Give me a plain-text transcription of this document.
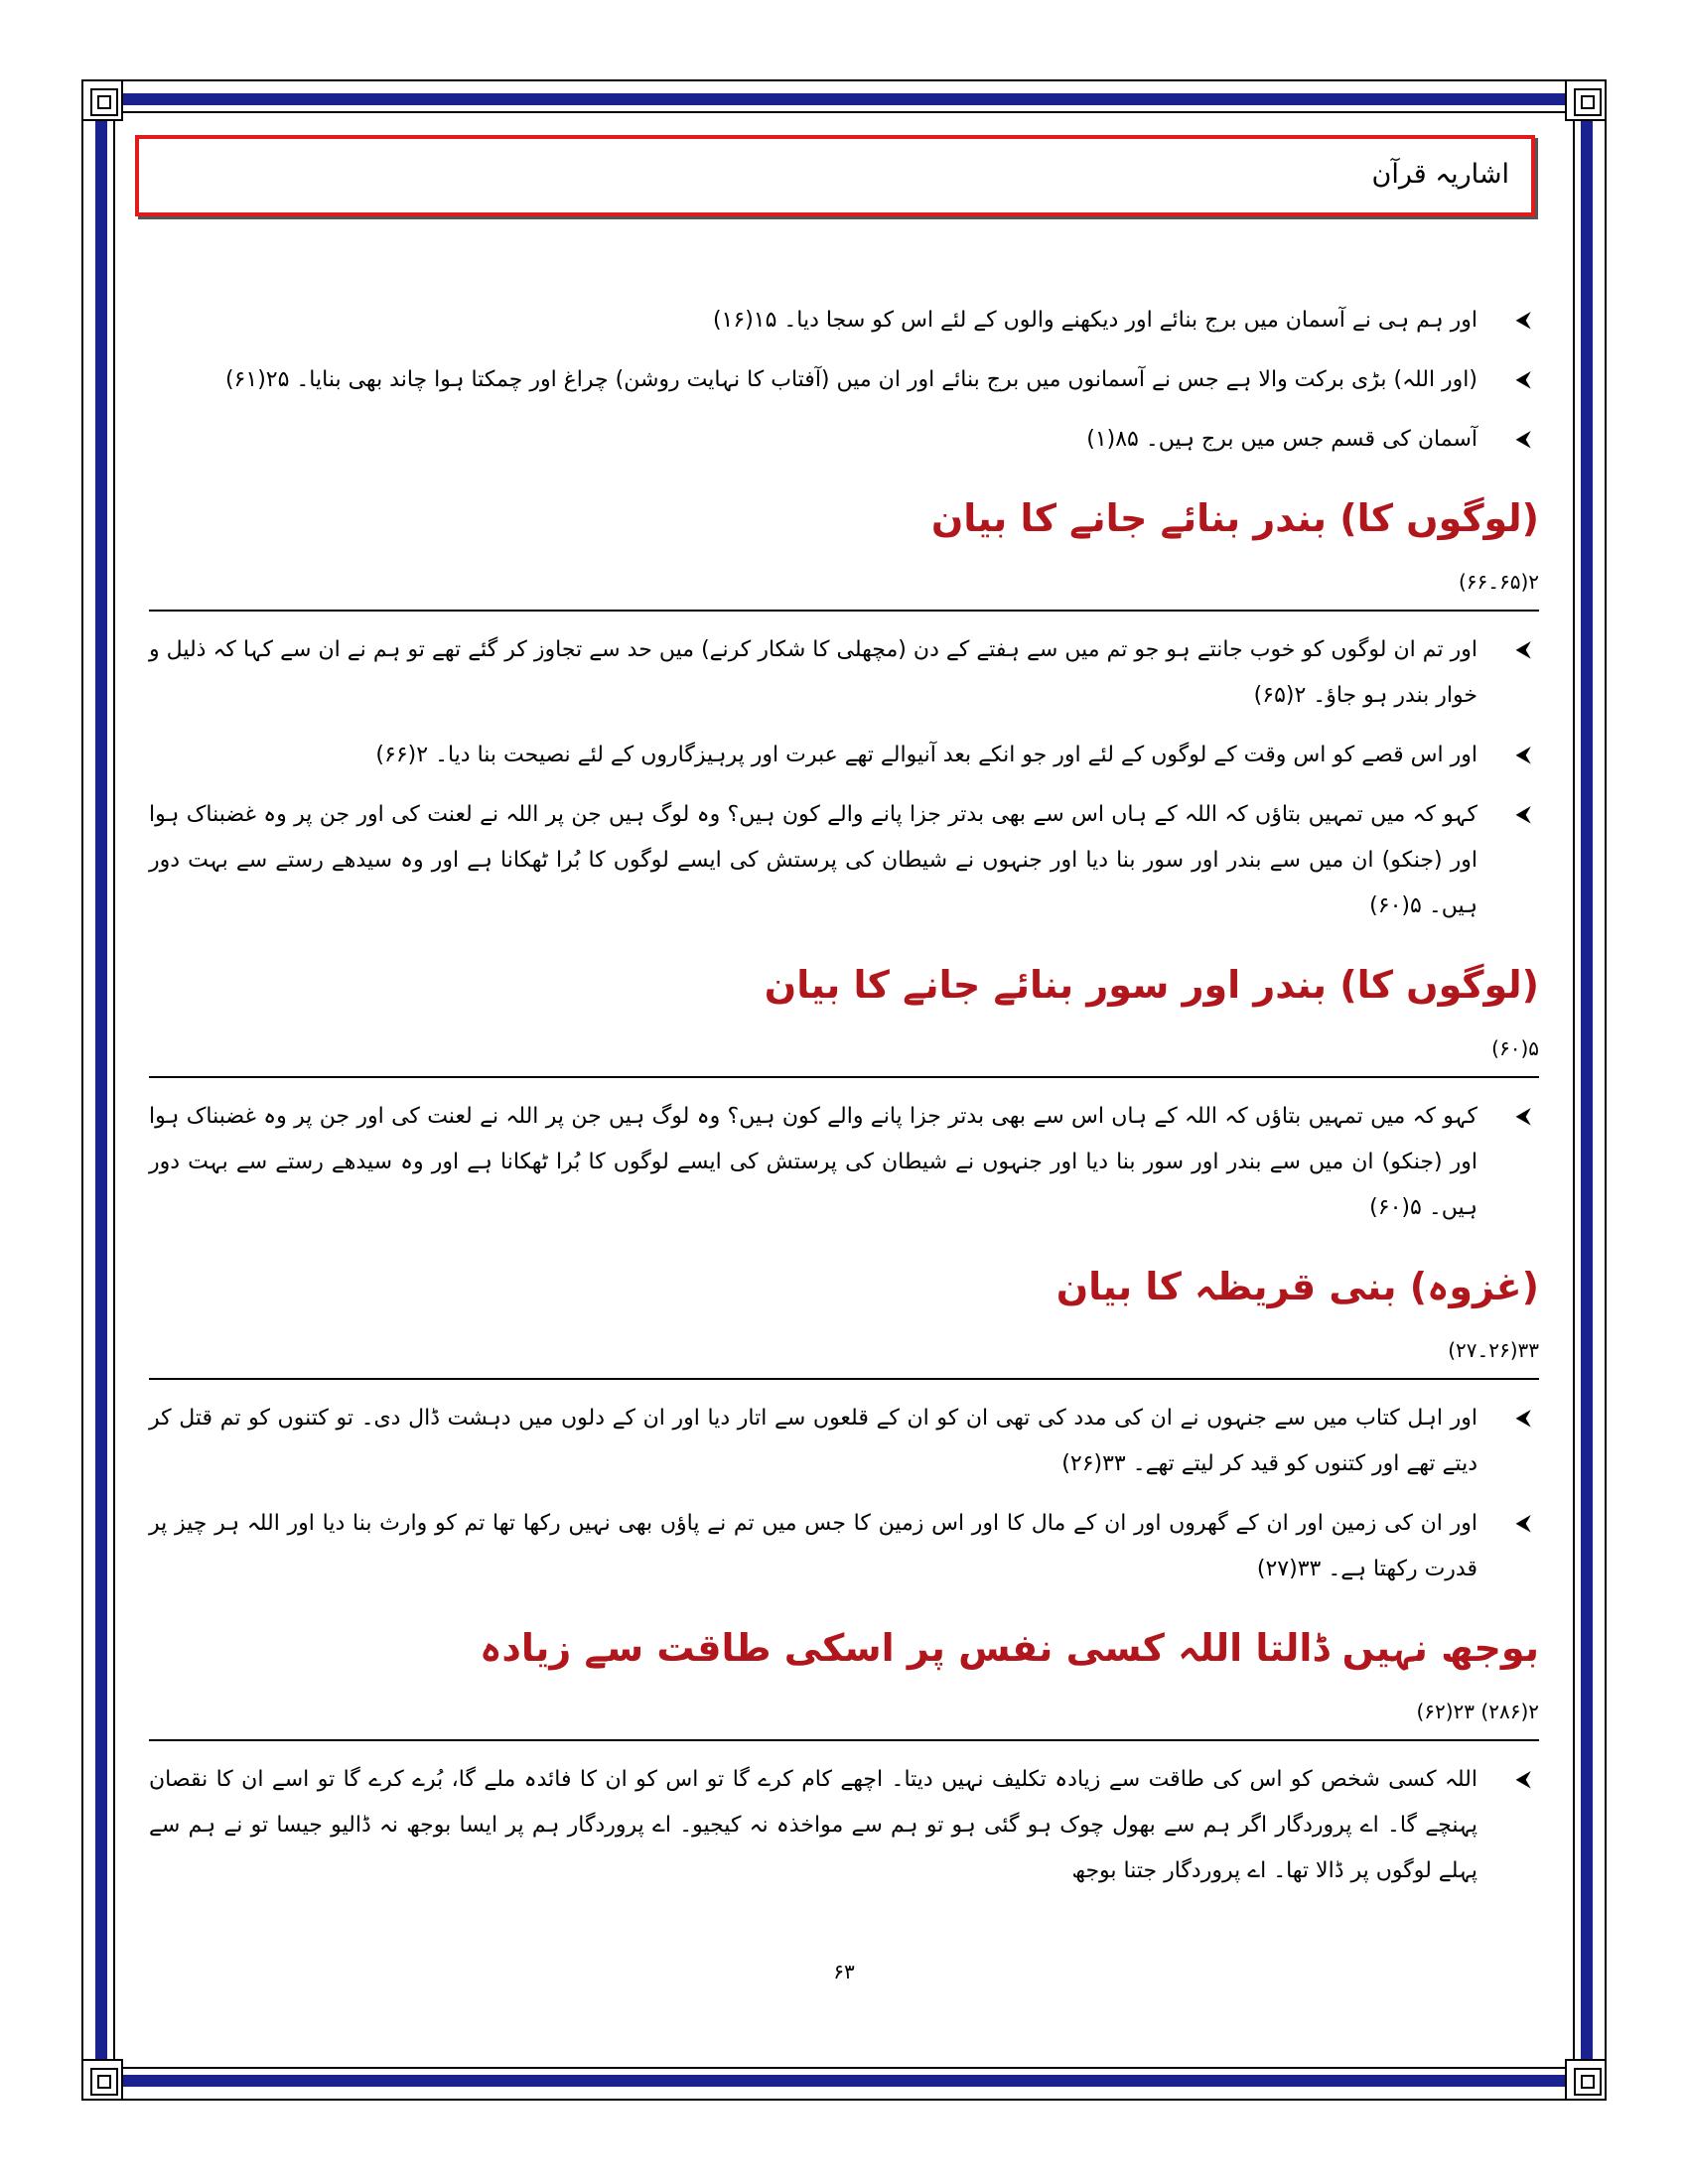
اشاریہ قرآن
⮜
اور ہم ہی نے آسمان میں برج بنائے اور دیکھنے والوں کے لئے اس کو سجا دیا۔ ۱۵(۱۶)
⮜
(اور اللہ) بڑی برکت والا ہے جس نے آسمانوں میں برج بنائے اور ان میں (آفتاب کا نہایت روشن) چراغ اور چمکتا ہوا چاند بھی بنایا۔ ۲۵(۶۱)
⮜
آسمان کی قسم جس میں برج ہیں۔ ۸۵(۱)
(لوگوں کا) بندر بنائے جانے کا بیان
۲(۶۵۔۶۶)
⮜
اور تم ان لوگوں کو خوب جانتے ہو جو تم میں سے ہفتے کے دن (مچھلی کا شکار کرنے) میں حد سے تجاوز کر گئے تھے تو ہم نے ان سے کہا کہ ذلیل و خوار بندر ہو جاؤ۔ ۲(۶۵)
⮜
اور اس قصے کو اس وقت کے لوگوں کے لئے اور جو انکے بعد آنیوالے تھے عبرت اور پرہیزگاروں کے لئے نصیحت بنا دیا۔ ۲(۶۶)
⮜
کہو کہ میں تمہیں بتاؤں کہ اللہ کے ہاں اس سے بھی بدتر جزا پانے والے کون ہیں؟ وہ لوگ ہیں جن پر اللہ نے لعنت کی اور جن پر وہ غضبناک ہوا اور (جنکو) ان میں سے بندر اور سور بنا دیا اور جنہوں نے شیطان کی پرستش کی ایسے لوگوں کا بُرا ٹھکانا ہے اور وہ سیدھے رستے سے بہت دور ہیں۔ ۵(۶۰)
(لوگوں کا) بندر اور سور بنائے جانے کا بیان
۵(۶۰)
⮜
کہو کہ میں تمہیں بتاؤں کہ اللہ کے ہاں اس سے بھی بدتر جزا پانے والے کون ہیں؟ وہ لوگ ہیں جن پر اللہ نے لعنت کی اور جن پر وہ غضبناک ہوا اور (جنکو) ان میں سے بندر اور سور بنا دیا اور جنہوں نے شیطان کی پرستش کی ایسے لوگوں کا بُرا ٹھکانا ہے اور وہ سیدھے رستے سے بہت دور ہیں۔ ۵(۶۰)
(غزوہ) بنی قریظہ کا بیان
۳۳(۲۶۔۲۷)
⮜
اور اہل کتاب میں سے جنہوں نے ان کی مدد کی تھی ان کو ان کے قلعوں سے اتار دیا اور ان کے دلوں میں دہشت ڈال دی۔ تو کتنوں کو تم قتل کر دیتے تھے اور کتنوں کو قید کر لیتے تھے۔ ۳۳(۲۶)
⮜
اور ان کی زمین اور ان کے گھروں اور ان کے مال کا اور اس زمین کا جس میں تم نے پاؤں بھی نہیں رکھا تھا تم کو وارث بنا دیا اور اللہ ہر چیز پر قدرت رکھتا ہے۔ ۳۳(۲۷)
بوجھ نہیں ڈالتا اللہ کسی نفس پر اسکی طاقت سے زیادہ
۲(۲۸۶) ۲۳(۶۲)
⮜
اللہ کسی شخص کو اس کی طاقت سے زیادہ تکلیف نہیں دیتا۔ اچھے کام کرے گا تو اس کو ان کا فائدہ ملے گا، بُرے کرے گا تو اسے ان کا نقصان پہنچے گا۔ اے پروردگار اگر ہم سے بھول چوک ہو گئی ہو تو ہم سے مواخذہ نہ کیجیو۔ اے پروردگار ہم پر ایسا بوجھ نہ ڈالیو جیسا تو نے ہم سے پہلے لوگوں پر ڈالا تھا۔ اے پروردگار جتنا بوجھ
۶۳
